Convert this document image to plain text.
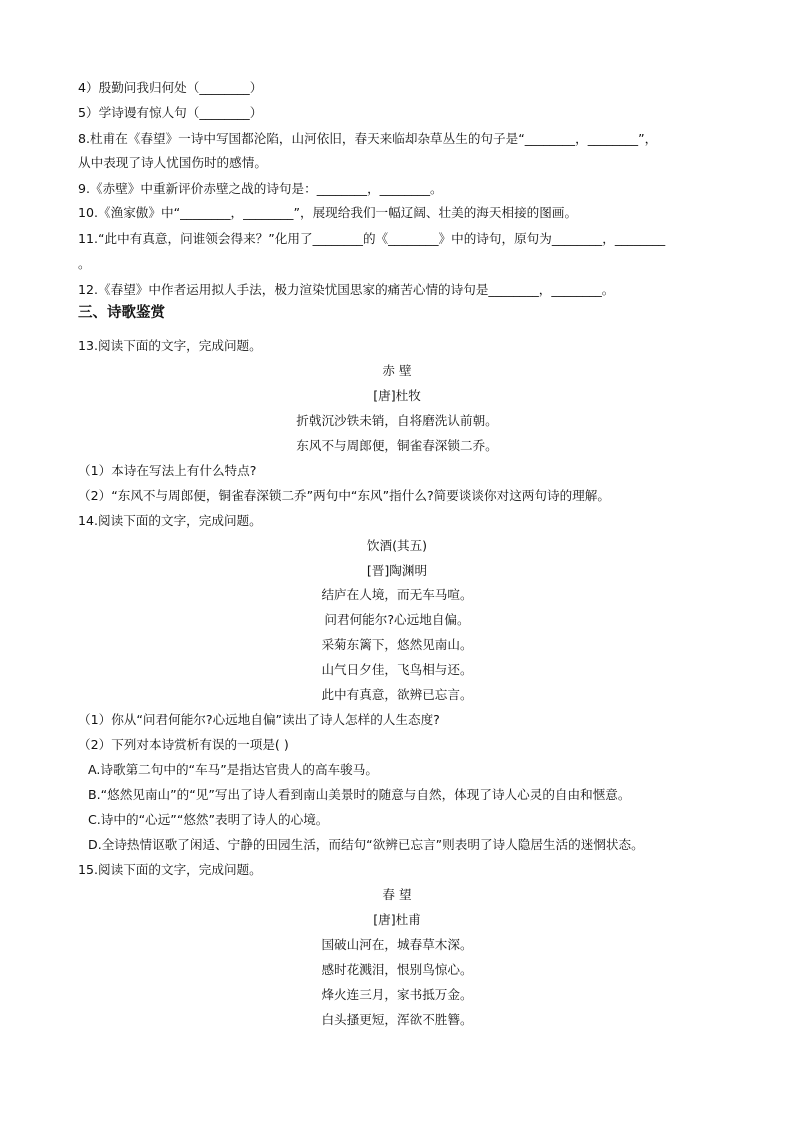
4）殷勤问我归何处（________）
5）学诗谩有惊人句（________）
8.杜甫在《春望》一诗中写国都沦陷，山河依旧，春天来临却杂草丛生的句子是“________，________”，
从中表现了诗人忧国伤时的感情。
9.《赤壁》中重新评价赤壁之战的诗句是：________，________。
10.《渔家傲》中“________，________”，展现给我们一幅辽阔、壮美的海天相接的图画。
11.“此中有真意，问谁领会得来？”化用了________的《________》中的诗句，原句为________，________
。
12.《春望》中作者运用拟人手法，极力渲染忧国思家的痛苦心情的诗句是________，________。
三、诗歌鉴赏
13.阅读下面的文字，完成问题。
赤 壁
[唐]杜牧
折戟沉沙铁未销，自将磨洗认前朝。
东风不与周郎便，铜雀春深锁二乔。
（1）本诗在写法上有什么特点?
（2）“东风不与周郎便，铜雀春深锁二乔”两句中“东风”指什么?简要谈谈你对这两句诗的理解。
14.阅读下面的文字，完成问题。
饮酒(其五)
[晋]陶渊明
结庐在人境，而无车马喧。
问君何能尔?心远地自偏。
采菊东篱下，悠然见南山。
山气日夕佳，飞鸟相与还。
此中有真意，欲辨已忘言。
（1）你从“问君何能尔?心远地自偏”读出了诗人怎样的人生态度?
（2）下列对本诗赏析有误的一项是( )
A.诗歌第二句中的“车马”是指达官贵人的高车骏马。
B.“悠然见南山”的“见”写出了诗人看到南山美景时的随意与自然，体现了诗人心灵的自由和惬意。
C.诗中的“心远”“悠然”表明了诗人的心境。
D.全诗热情讴歌了闲适、宁静的田园生活，而结句“欲辨已忘言”则表明了诗人隐居生活的迷惘状态。
15.阅读下面的文字，完成问题。
春 望
[唐]杜甫
国破山河在，城春草木深。
感时花溅泪，恨别鸟惊心。
烽火连三月，家书抵万金。
白头搔更短，浑欲不胜簪。
